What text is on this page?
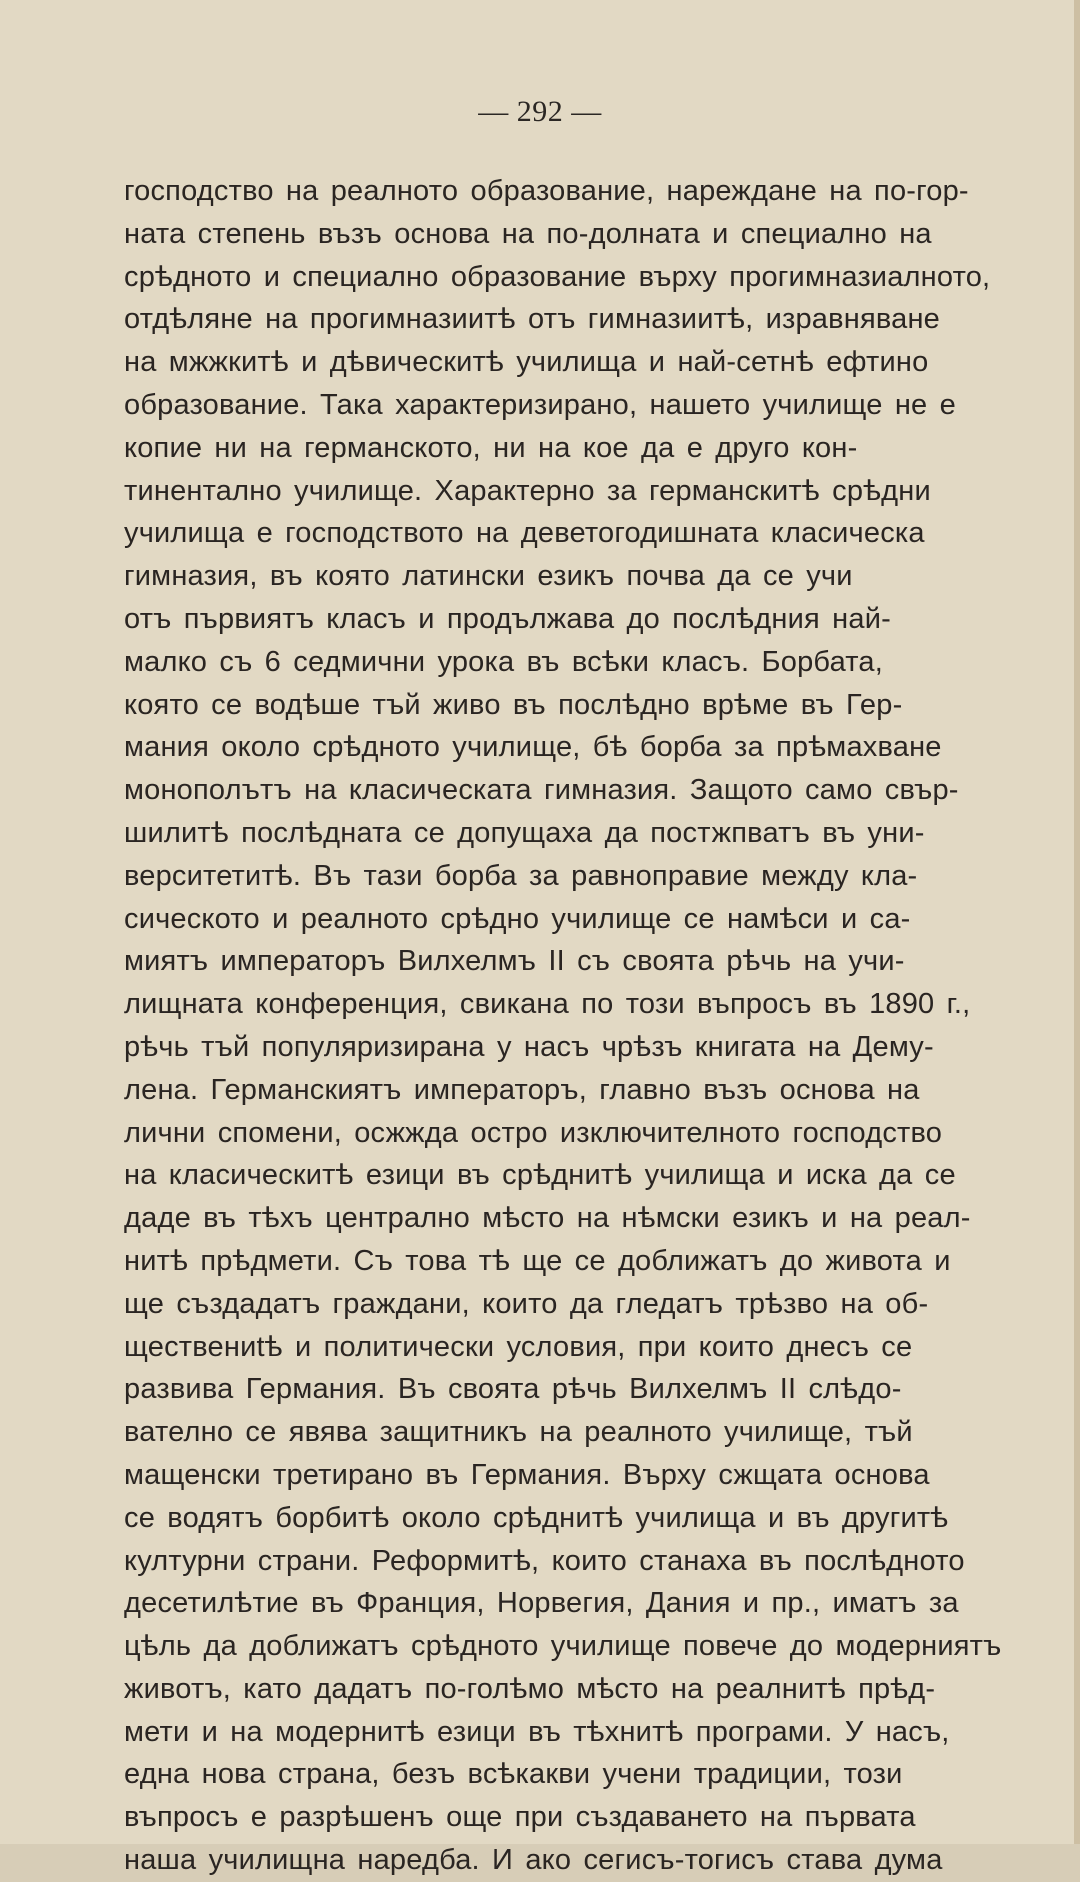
— 292 —
господство на реалното образование, нареждане на по-гор-
ната степень възъ основа на по-долната и специално на
срѣдното и специално образование върху прогимназиалното,
отдѣляне на прогимназиитѣ отъ гимназиитѣ, изравняване
на мжжкитѣ и дѣвическитѣ училища и най-сетнѣ ефтино
образование. Така характеризирано, нашето училище не е
копие ни на германското, ни на кое да е друго кон-
тинентално училище. Характерно за германскитѣ срѣдни
училища е господството на деветогодишната класическа
гимназия, въ която латински езикъ почва да се учи
отъ първиятъ класъ и продължава до послѣдния най-
малко съ 6 седмични урока въ всѣки класъ. Борбата,
която се водѣше тъй живо въ послѣдно врѣме въ Гер-
мания около срѣдното училище, бѣ борба за прѣмахване
монополътъ на класическата гимназия. Защото само свър-
шилитѣ послѣдната се допущаха да постжпватъ въ уни-
верситетитѣ. Въ тази борба за равноправие между кла-
сическото и реалното срѣдно училище се намѣси и са-
миятъ императоръ Вилхелмъ II съ своята рѣчь на учи-
лищната конференция, свикана по този въпросъ въ 1890 г.,
рѣчь тъй популяризирана у насъ чрѣзъ книгата на Дему-
лена. Германскиятъ императоръ, главно възъ основа на
лични спомени, осжжда остро изключителното господство
на класическитѣ езици въ срѣднитѣ училища и иска да се
даде въ тѣхъ централно мѣсто на нѣмски езикъ и на реал-
нитѣ прѣдмети. Съ това тѣ ще се доближатъ до живота и
ще създадатъ граждани, които да гледатъ трѣзво на об-
ществениtѣ и политически условия, при които днесъ се
развива Германия. Въ своята рѣчь Вилхелмъ II слѣдо-
вателно се явява защитникъ на реалното училище, тъй
мащенски третирано въ Германия. Върху сжщата основа
се водятъ борбитѣ около срѣднитѣ училища и въ другитѣ
културни страни. Реформитѣ, които станаха въ послѣдното
десетилѣтие въ Франция, Норвегия, Дания и пр., иматъ за
цѣль да доближатъ срѣдното училище повече до модерниятъ
животъ, като дадатъ по-голѣмо мѣсто на реалнитѣ прѣд-
мети и на модернитѣ езици въ тѣхнитѣ програми. У насъ,
една нова страна, безъ всѣкакви учени традиции, този
въпросъ е разрѣшенъ още при създаването на първата
наша училищна наредба. И ако сегисъ-тогисъ става дума
